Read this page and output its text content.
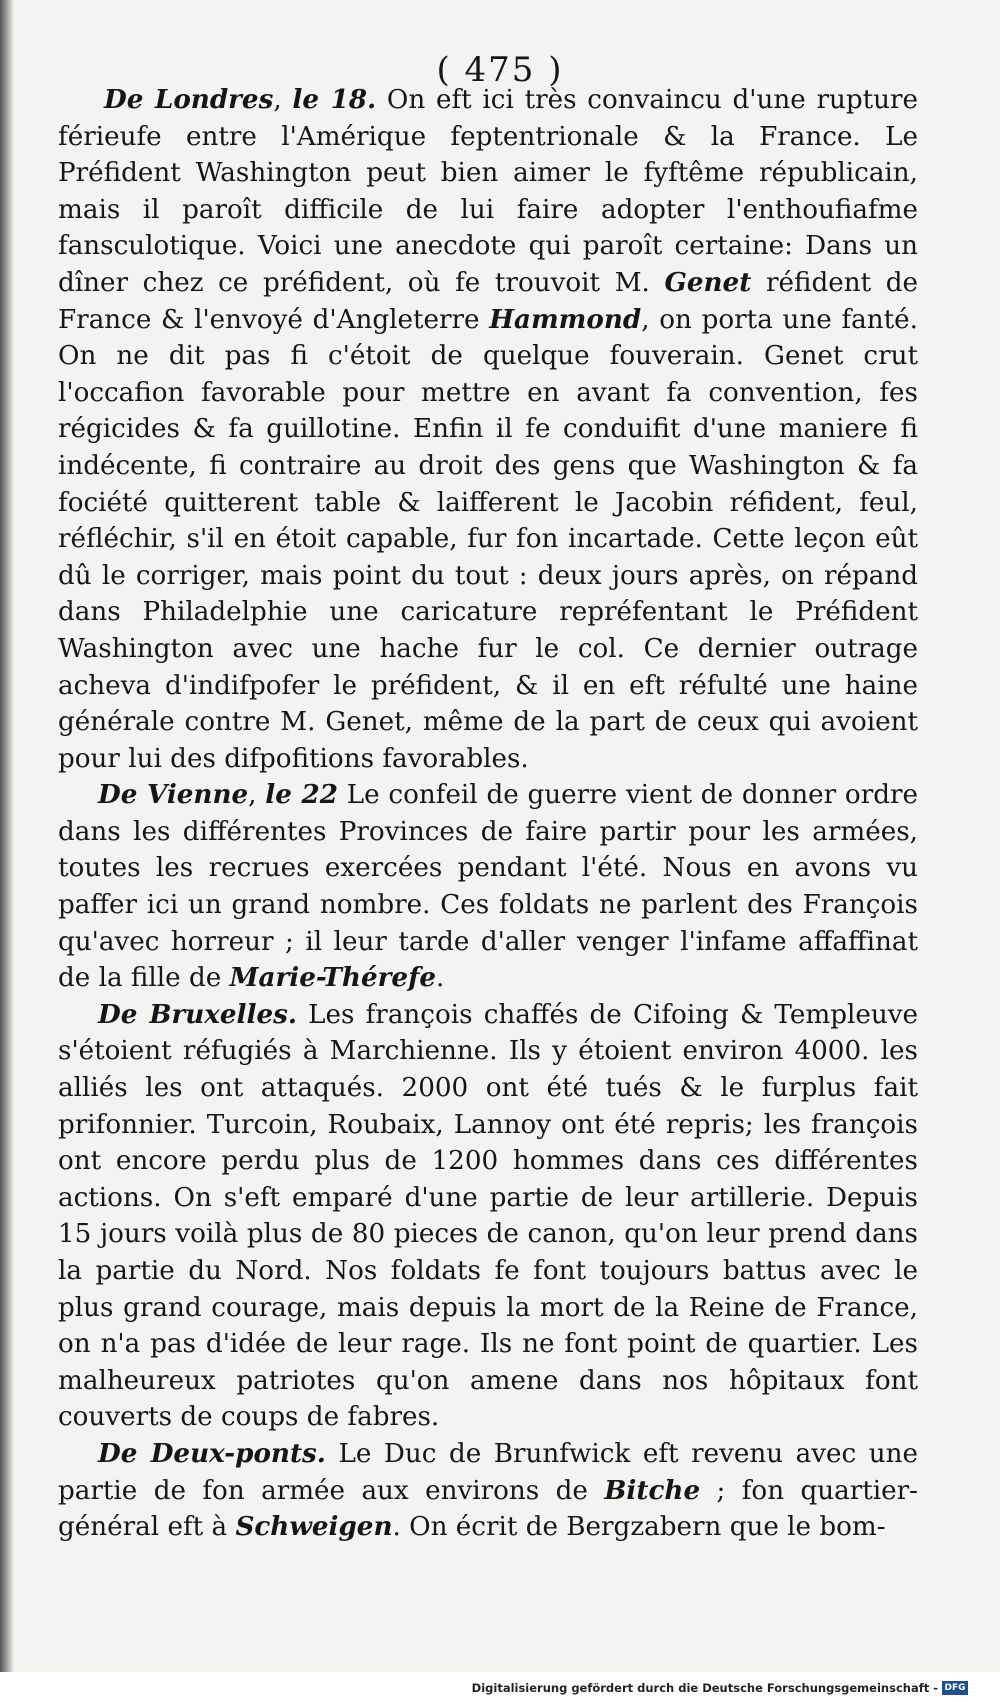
( 475 )

De Londres, le 18. On eft ici très convaincu d'une rupture férieufe entre l'Amérique feptentrionale & la France. Le Préfident Washington peut bien aimer le fyftême républicain, mais il paroît difficile de lui faire adopter l'enthoufiafme fansculotique. Voici une anecdote qui paroît certaine: Dans un dîner chez ce préfident, où fe trouvoit M. Genet réfident de France & l'envoyé d'Angleterre Hammond, on porta une fanté. On ne dit pas fi c'étoit de quelque fouverain. Genet crut l'occafion favorable pour mettre en avant fa convention, fes régicides & fa guillotine. Enfin il fe conduifit d'une maniere fi indécente, fi contraire au droit des gens que Washington & fa fociété quitterent table & laifferent le Jacobin réfident, feul, réfléchir, s'il en étoit capable, fur fon incartade. Cette leçon eût dû le corriger, mais point du tout : deux jours après, on répand dans Philadelphie une caricature repréfentant le Préfident Washington avec une hache fur le col. Ce dernier outrage acheva d'indifpofer le préfident, & il en eft réfulté une haine générale contre M. Genet, même de la part de ceux qui avoient pour lui des difpofitions favorables.

De Vienne, le 22 Le confeil de guerre vient de donner ordre dans les différentes Provinces de faire partir pour les armées, toutes les recrues exercées pendant l'été. Nous en avons vu paffer ici un grand nombre. Ces foldats ne parlent des François qu'avec horreur ; il leur tarde d'aller venger l'infame affaffinat de la fille de Marie-Thérefe.

De Bruxelles. Les françois chaffés de Cifoing & Templeuve s'étoient réfugiés à Marchienne. Ils y étoient environ 4000. les alliés les ont attaqués. 2000 ont été tués & le furplus fait prifonnier. Turcoin, Roubaix, Lannoy ont été repris; les françois ont encore perdu plus de 1200 hommes dans ces différentes actions. On s'eft emparé d'une partie de leur artillerie. Depuis 15 jours voilà plus de 80 pieces de canon, qu'on leur prend dans la partie du Nord. Nos foldats fe font toujours battus avec le plus grand courage, mais depuis la mort de la Reine de France, on n'a pas d'idée de leur rage. Ils ne font point de quartier. Les malheureux patriotes qu'on amene dans nos hôpitaux font couverts de coups de fabres.

De Deux-ponts. Le Duc de Brunfwick eft revenu avec une partie de fon armée aux environs de Bitche ; fon quartier-général eft à Schweigen. On écrit de Bergzabern que le bom-

Digitalisierung gefördert durch die Deutsche Forschungsgemeinschaft - DFG
